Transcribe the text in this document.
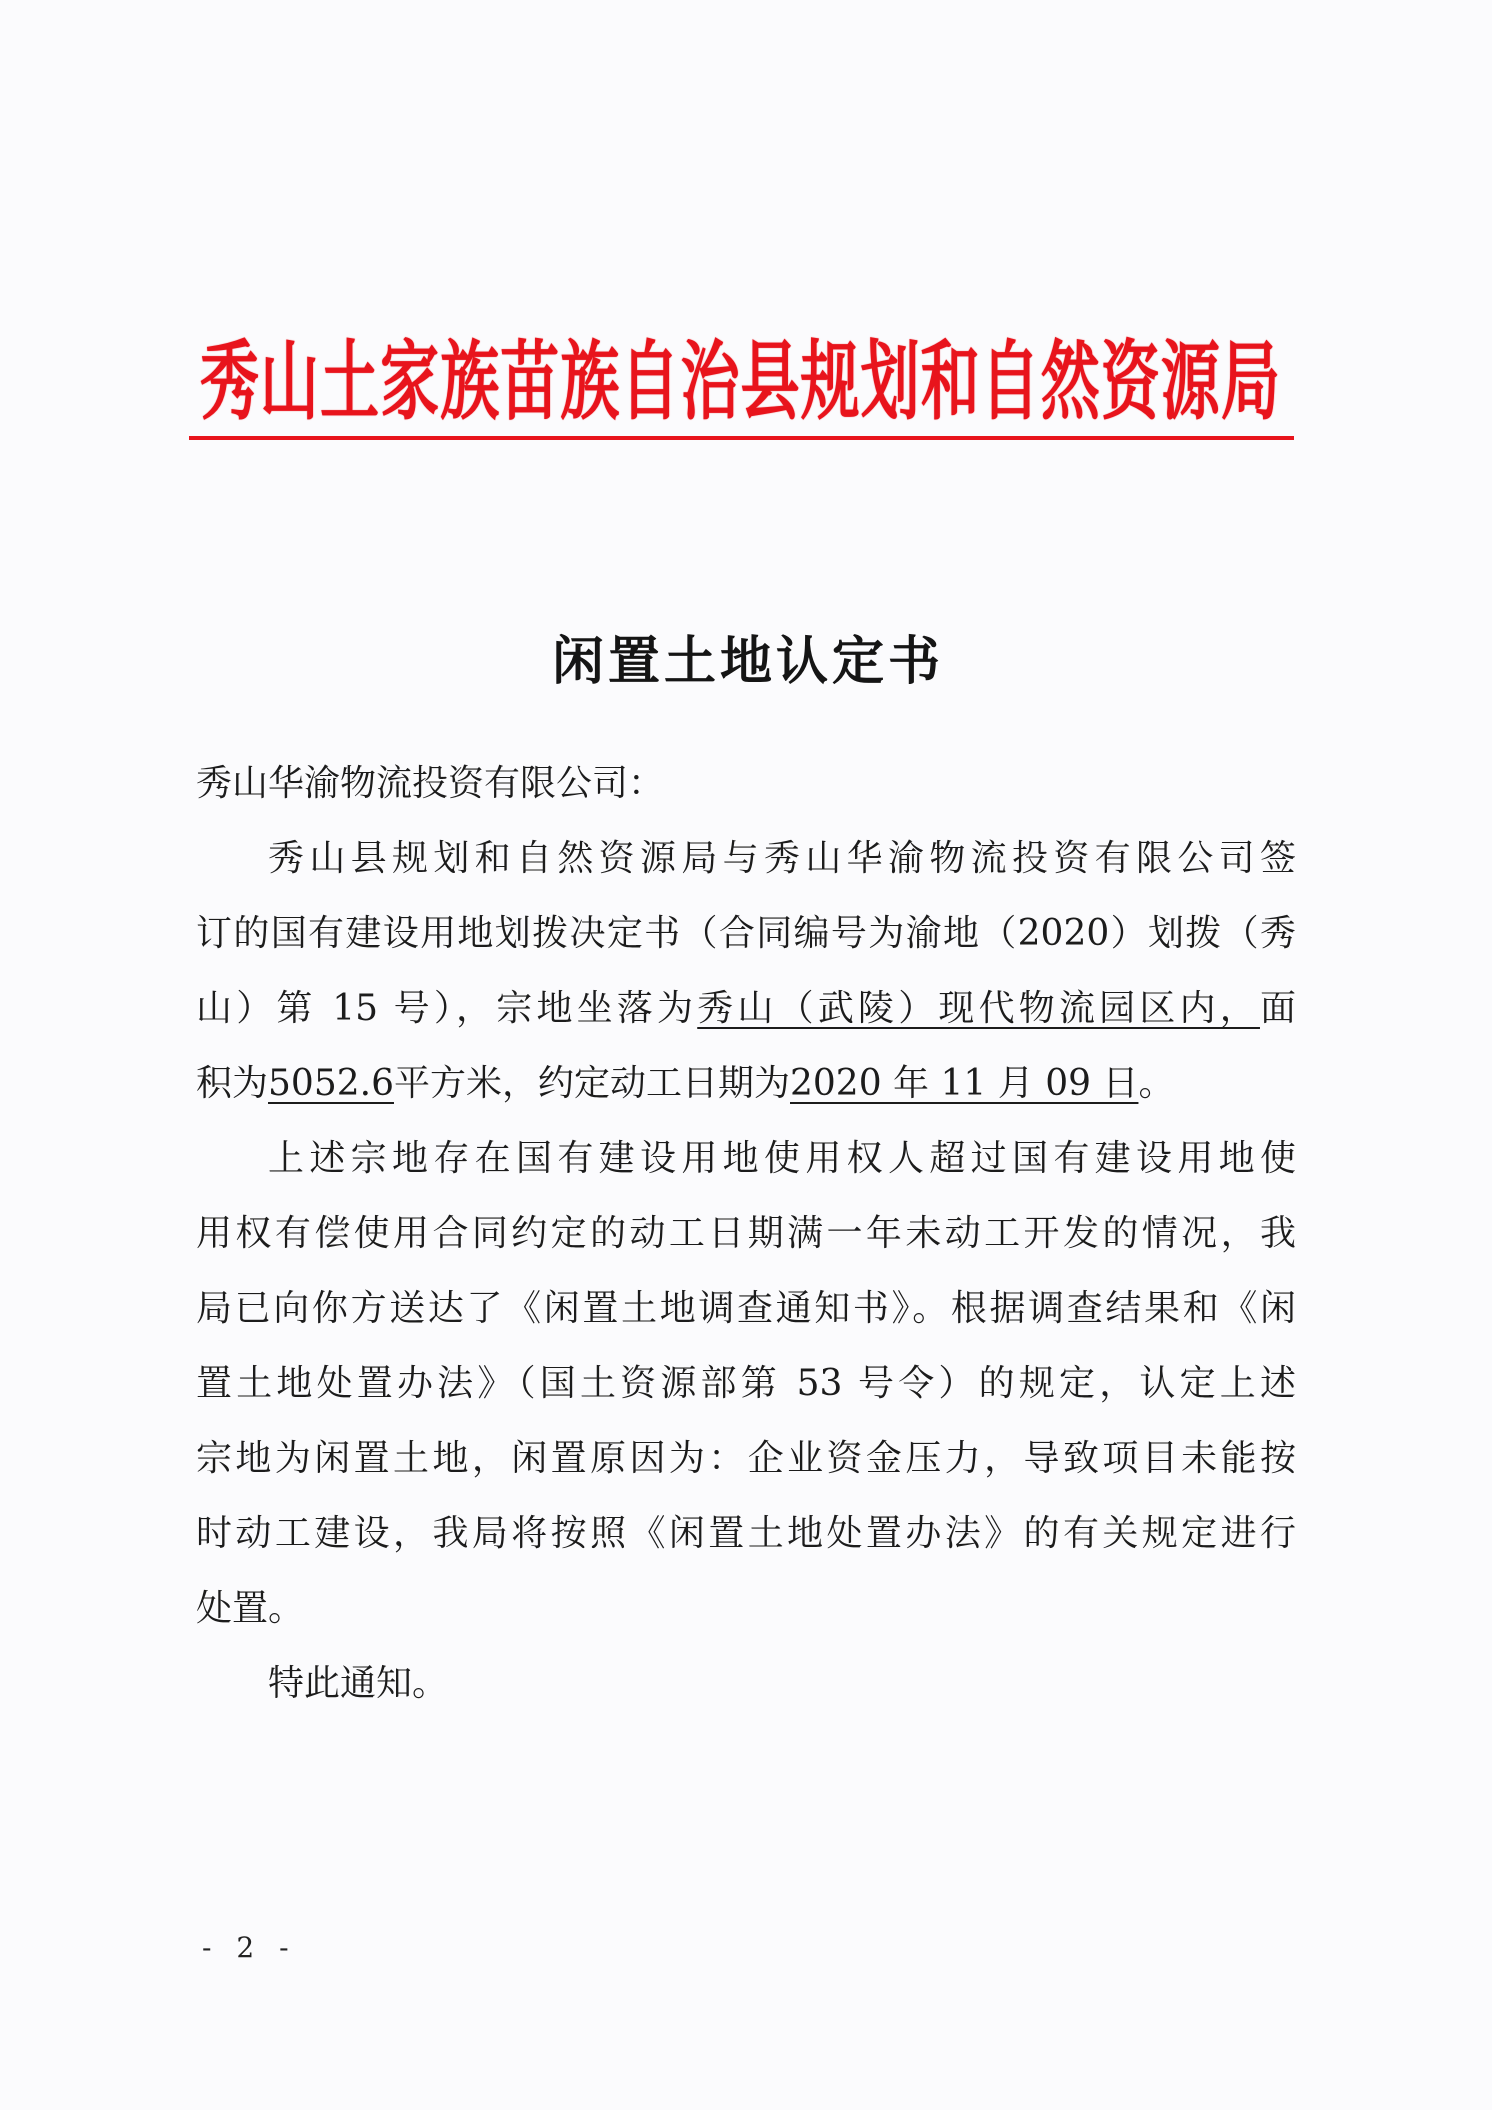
秀山土家族苗族自治县规划和自然资源局
闲置土地认定书
秀山华渝物流投资有限公司：
秀山县规划和自然资源局与秀山华渝物流投资有限公司签
订的国有建设用地划拨决定书（合同编号为渝地（2020）划拨（秀
山）第 15 号），宗地坐落为秀山（武陵）现代物流园区内，面
积为5052.6平方米，约定动工日期为2020 年 11 月 09 日。
上述宗地存在国有建设用地使用权人超过国有建设用地使
用权有偿使用合同约定的动工日期满一年未动工开发的情况，我
局已向你方送达了《闲置土地调查通知书》。根据调查结果和《闲
置土地处置办法》（国土资源部第 53 号令）的规定，认定上述
宗地为闲置土地，闲置原因为：企业资金压力，导致项目未能按
时动工建设，我局将按照《闲置土地处置办法》的有关规定进行
处置。
特此通知。
- 2 -
